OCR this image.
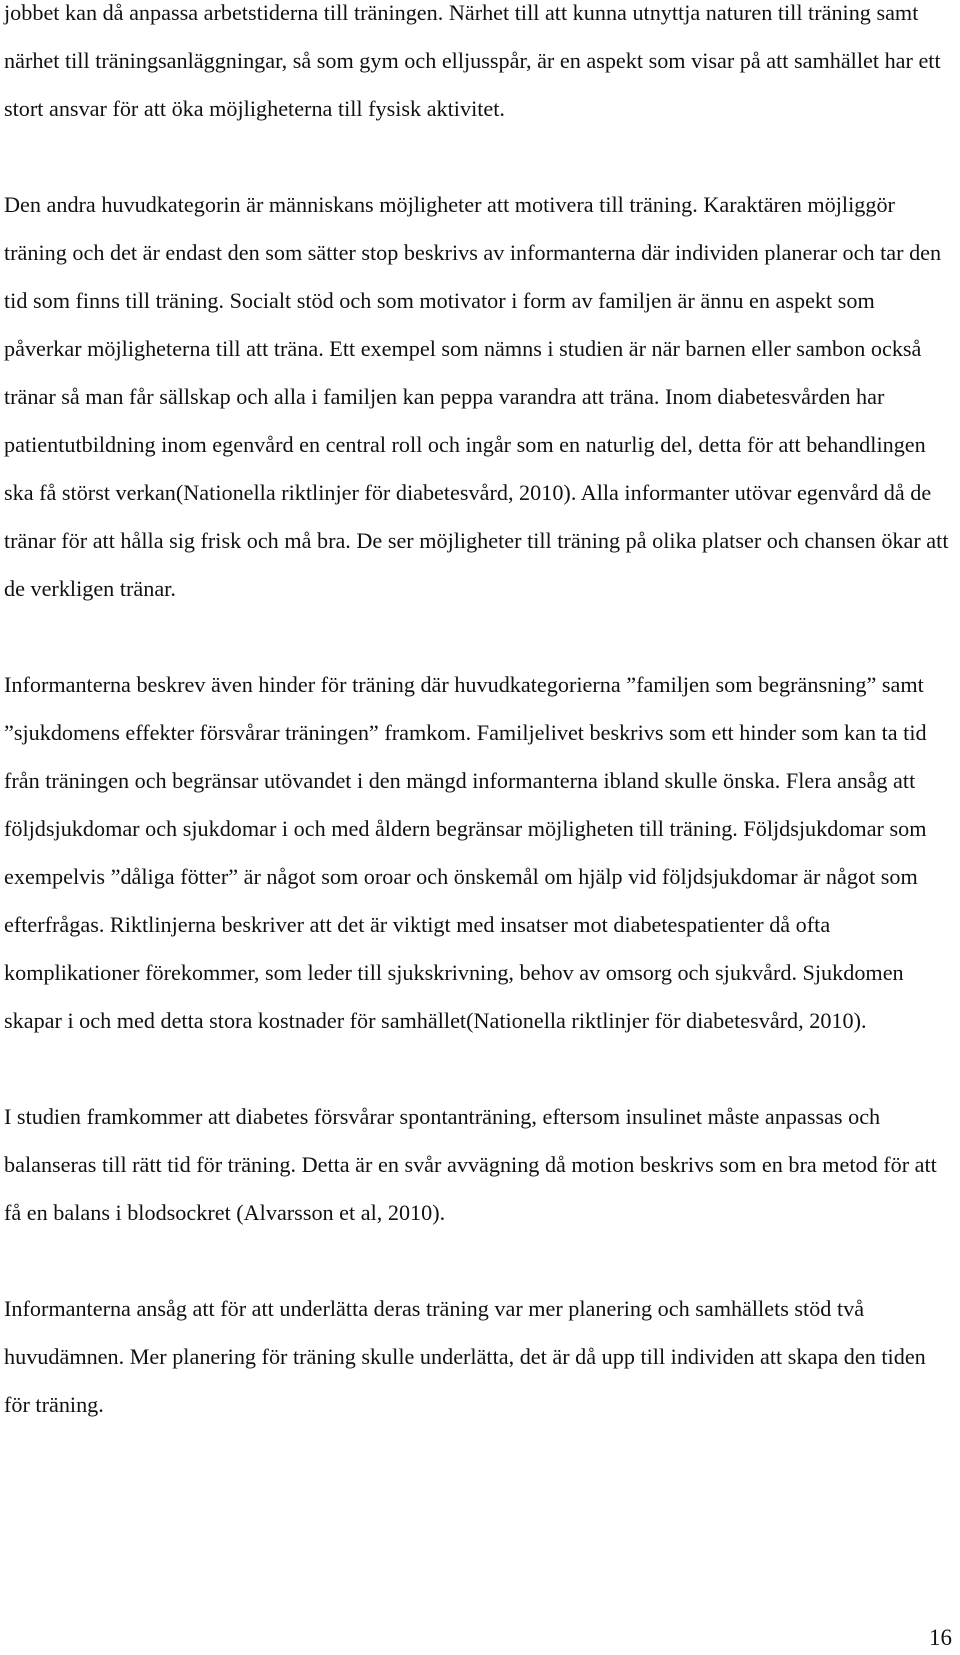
jobbet kan då anpassa arbetstiderna till träningen. Närhet till att kunna utnyttja naturen till träning samt närhet till träningsanläggningar, så som gym och elljusspår, är en aspekt som visar på att samhället har ett stort ansvar för att öka möjligheterna till fysisk aktivitet.

Den andra huvudkategorin är människans möjligheter att motivera till träning. Karaktären möjliggör träning och det är endast den som sätter stop beskrivs av informanterna där individen planerar och tar den tid som finns till träning. Socialt stöd och som motivator i form av familjen är ännu en aspekt som påverkar möjligheterna till att träna. Ett exempel som nämns i studien är när barnen eller sambon också tränar så man får sällskap och alla i familjen kan peppa varandra att träna. Inom diabetesvården har patientutbildning inom egenvård en central roll och ingår som en naturlig del, detta för att behandlingen ska få störst verkan(Nationella riktlinjer för diabetesvård, 2010). Alla informanter utövar egenvård då de tränar för att hålla sig frisk och må bra. De ser möjligheter till träning på olika platser och chansen ökar att de verkligen tränar.

Informanterna beskrev även hinder för träning där huvudkategorierna ”familjen som begränsning” samt ”sjukdomens effekter försvårar träningen” framkom. Familjelivet beskrivs som ett hinder som kan ta tid från träningen och begränsar utövandet i den mängd informanterna ibland skulle önska. Flera ansåg att följdsjukdomar och sjukdomar i och med åldern begränsar möjligheten till träning. Följdsjukdomar som exempelvis ”dåliga fötter” är något som oroar och önskemål om hjälp vid följdsjukdomar är något som efterfrågas. Riktlinjerna beskriver att det är viktigt med insatser mot diabetespatienter då ofta komplikationer förekommer, som leder till sjukskrivning, behov av omsorg och sjukvård. Sjukdomen skapar i och med detta stora kostnader för samhället(Nationella riktlinjer för diabetesvård, 2010).

I studien framkommer att diabetes försvårar spontanträning, eftersom insulinet måste anpassas och balanseras till rätt tid för träning. Detta är en svår avvägning då motion beskrivs som en bra metod för att få en balans i blodsockret (Alvarsson et al, 2010).

Informanterna ansåg att för att underlätta deras träning var mer planering och samhällets stöd två huvudämnen. Mer planering för träning skulle underlätta, det är då upp till individen att skapa den tiden för träning.

16
